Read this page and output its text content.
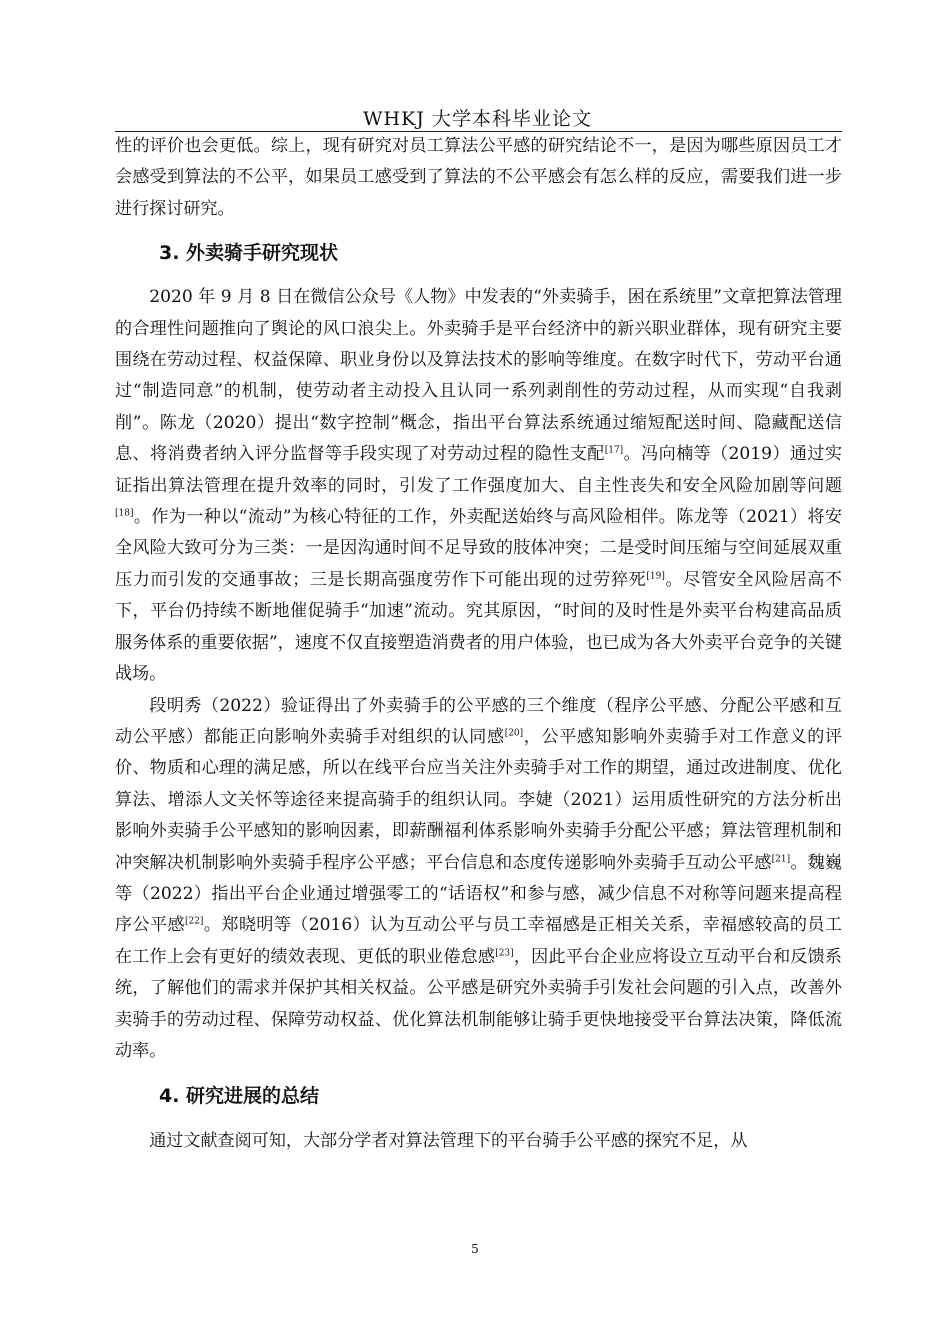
WHKJ 大学本科毕业论文

性的评价也会更低。综上，现有研究对员工算法公平感的研究结论不一，是因为哪些原因员工才会感受到算法的不公平，如果员工感受到了算法的不公平感会有怎么样的反应，需要我们进一步进行探讨研究。

3. 外卖骑手研究现状

2020 年 9 月 8 日在微信公众号《人物》中发表的“外卖骑手，困在系统里”文章把算法管理的合理性问题推向了舆论的风口浪尖上。外卖骑手是平台经济中的新兴职业群体，现有研究主要围绕在劳动过程、权益保障、职业身份以及算法技术的影响等维度。在数字时代下，劳动平台通过“制造同意”的机制，使劳动者主动投入且认同一系列剥削性的劳动过程，从而实现“自我剥削”。陈龙（2020）提出“数字控制”概念，指出平台算法系统通过缩短配送时间、隐藏配送信息、将消费者纳入评分监督等手段实现了对劳动过程的隐性支配[17]。冯向楠等（2019）通过实证指出算法管理在提升效率的同时，引发了工作强度加大、自主性丧失和安全风险加剧等问题[18]。作为一种以“流动”为核心特征的工作，外卖配送始终与高风险相伴。陈龙等（2021）将安全风险大致可分为三类：一是因沟通时间不足导致的肢体冲突；二是受时间压缩与空间延展双重压力而引发的交通事故；三是长期高强度劳作下可能出现的过劳猝死[19]。尽管安全风险居高不下，平台仍持续不断地催促骑手“加速”流动。究其原因，“时间的及时性是外卖平台构建高品质服务体系的重要依据”，速度不仅直接塑造消费者的用户体验，也已成为各大外卖平台竞争的关键战场。

段明秀（2022）验证得出了外卖骑手的公平感的三个维度（程序公平感、分配公平感和互动公平感）都能正向影响外卖骑手对组织的认同感[20]，公平感知影响外卖骑手对工作意义的评价、物质和心理的满足感，所以在线平台应当关注外卖骑手对工作的期望，通过改进制度、优化算法、增添人文关怀等途径来提高骑手的组织认同。李婕（2021）运用质性研究的方法分析出影响外卖骑手公平感知的影响因素，即薪酬福利体系影响外卖骑手分配公平感；算法管理机制和冲突解决机制影响外卖骑手程序公平感；平台信息和态度传递影响外卖骑手互动公平感[21]。魏巍等（2022）指出平台企业通过增强零工的“话语权”和参与感，减少信息不对称等问题来提高程序公平感[22]。郑晓明等（2016）认为互动公平与员工幸福感是正相关关系，幸福感较高的员工在工作上会有更好的绩效表现、更低的职业倦怠感[23]，因此平台企业应将设立互动平台和反馈系统，了解他们的需求并保护其相关权益。公平感是研究外卖骑手引发社会问题的引入点，改善外卖骑手的劳动过程、保障劳动权益、优化算法机制能够让骑手更快地接受平台算法决策，降低流动率。

4. 研究进展的总结

通过文献查阅可知，大部分学者对算法管理下的平台骑手公平感的探究不足，从

5
